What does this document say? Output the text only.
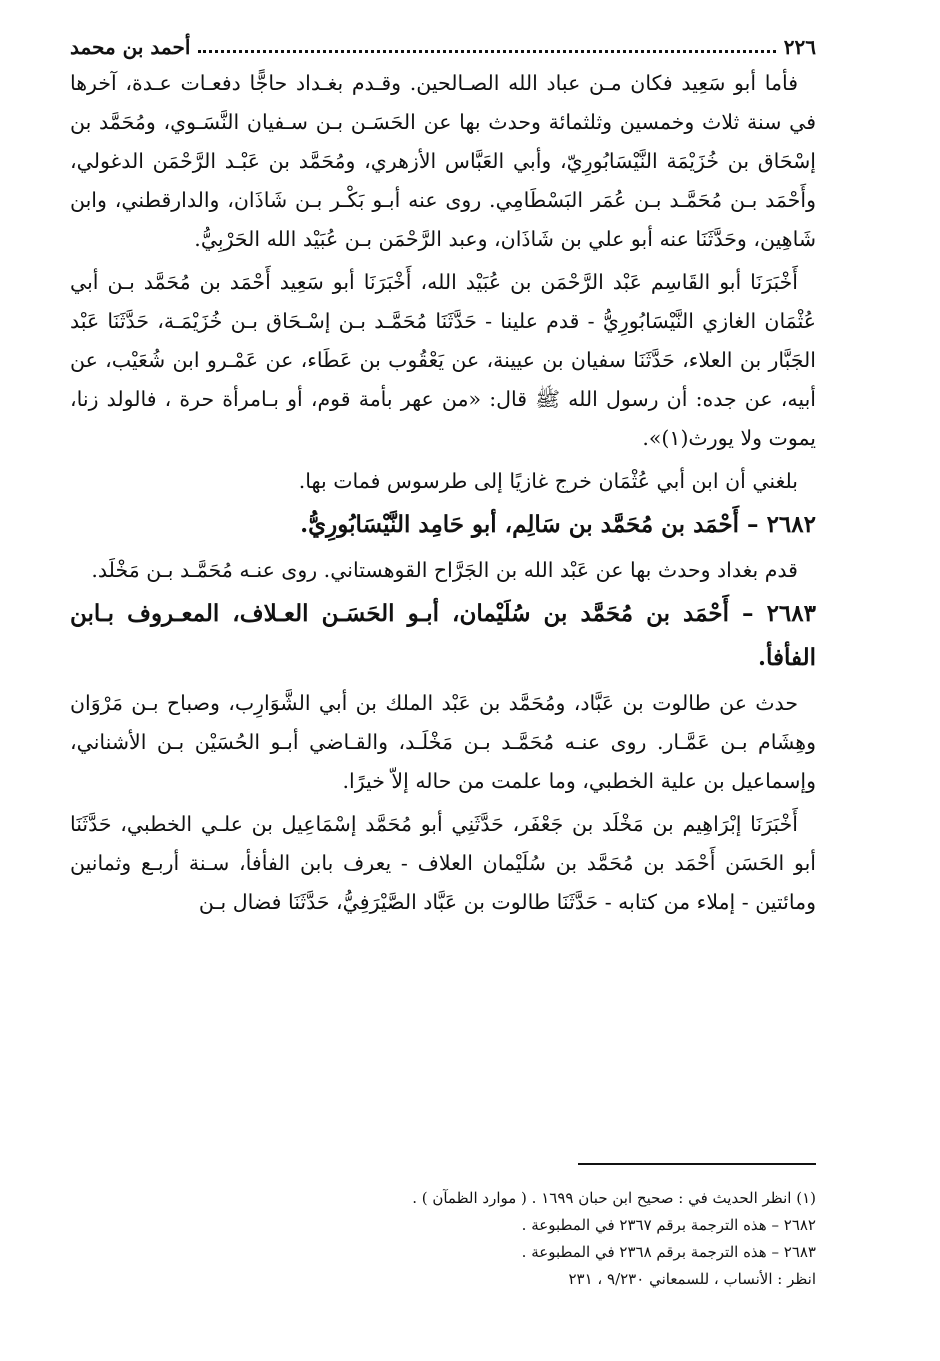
٢٢٦
أحمد بن محمد

فأما أبو سَعِيد فكان مـن عباد الله الصـالحين. وقـدم بغـداد حاجًّا دفعـات عـدة، آخرها في سنة ثلاث وخمسين وثلثمائة وحدث بها عن الحَسَـن بـن سـفيان النَّسَـوي، ومُحَمَّد بن إسْحَاق بن خُزَيْمَة النَّيْسَابُورِيّ، وأبي العَبَّاس الأزهري، ومُحَمَّد بن عَبْـد الرَّحْمَن الدغولي، وأَحْمَد بـن مُحَمَّـد بـن عُمَر البَسْطَامِي. روى عنه أبـو بَكْـر بـن شَاذَان، والدارقطني، وابن شَاهِين، وحَدَّثَنَا عنه أبو علي بن شَاذَان، وعبد الرَّحْمَن بـن عُبَيْد الله الحَرْبِيُّ.

أَخْبَرَنَا أبو القَاسِم عَبْد الرَّحْمَن بن عُبَيْد الله، أَخْبَرَنَا أبو سَعِيد أَحْمَد بن مُحَمَّد بـن أبي عُثْمَان الغازي النَّيْسَابُورِيُّ - قدم علينا - حَدَّثَنَا مُحَمَّـد بـن إسْـحَاق بـن خُزَيْمَـة، حَدَّثَنَا عَبْد الجَبَّار بن العلاء، حَدَّثَنَا سفيان بن عيينة، عن يَعْقُوب بن عَطَاء، عن عَمْـرو ابن شُعَيْب، عن أبيه، عن جده: أن رسول الله ﷺ قال: «من عهر بأمة قوم، أو بـامرأة حرة ، فالولد زنا، يموت ولا يورث(١)».

بلغني أن ابن أبي عُثْمَان خرج غازيًا إلى طرسوس فمات بها.

٢٦٨٢ – أَحْمَد بن مُحَمَّد بن سَالِم، أبو حَامِد النَّيْسَابُورِيُّ.

قدم بغداد وحدث بها عن عَبْد الله بن الجَرَّاح القوهستاني. روى عنـه مُحَمَّـد بـن مَخْلَد.

٢٦٨٣ – أَحْمَد بن مُحَمَّد بن سُلَيْمان، أبـو الحَسَـن العـلاف، المعـروف بـابن الفأفأ.

حدث عن طالوت بن عَبَّاد، ومُحَمَّد بن عَبْد الملك بن أبي الشَّوَارِب، وصباح بـن مَرْوَان وهِشَام بـن عَمَّـار. روى عنـه مُحَمَّـد بـن مَخْلَـد، والقـاضي أبـو الحُسَيْن بـن الأشناني، وإسماعيل بن علية الخطبي، وما علمت من حاله إلاّ خيرًا.

أَخْبَرَنَا إبْرَاهِيم بن مَخْلَد بن جَعْفَر، حَدَّثَنِي أبو مُحَمَّد إسْمَاعِيل بن علـي الخطبي، حَدَّثَنَا أبو الحَسَن أَحْمَد بن مُحَمَّد بن سُلَيْمان العلاف - يعرف بابن الفأفأ، سـنة أربـع وثمانين ومائتين - إملاء من كتابه - حَدَّثَنَا طالوت بن عَبَّاد الصَّيْرَفِيُّ، حَدَّثَنَا فضال بـن

(١) انظر الحديث في : صحيح ابن حبان ١٦٩٩ . ( موارد الظمآن ) .
٢٦٨٢ – هذه الترجمة برقم ٢٣٦٧ في المطبوعة .
٢٦٨٣ – هذه الترجمة برقم ٢٣٦٨ في المطبوعة .
انظر : الأنساب ، للسمعاني ٩/٢٣٠ ، ٢٣١
